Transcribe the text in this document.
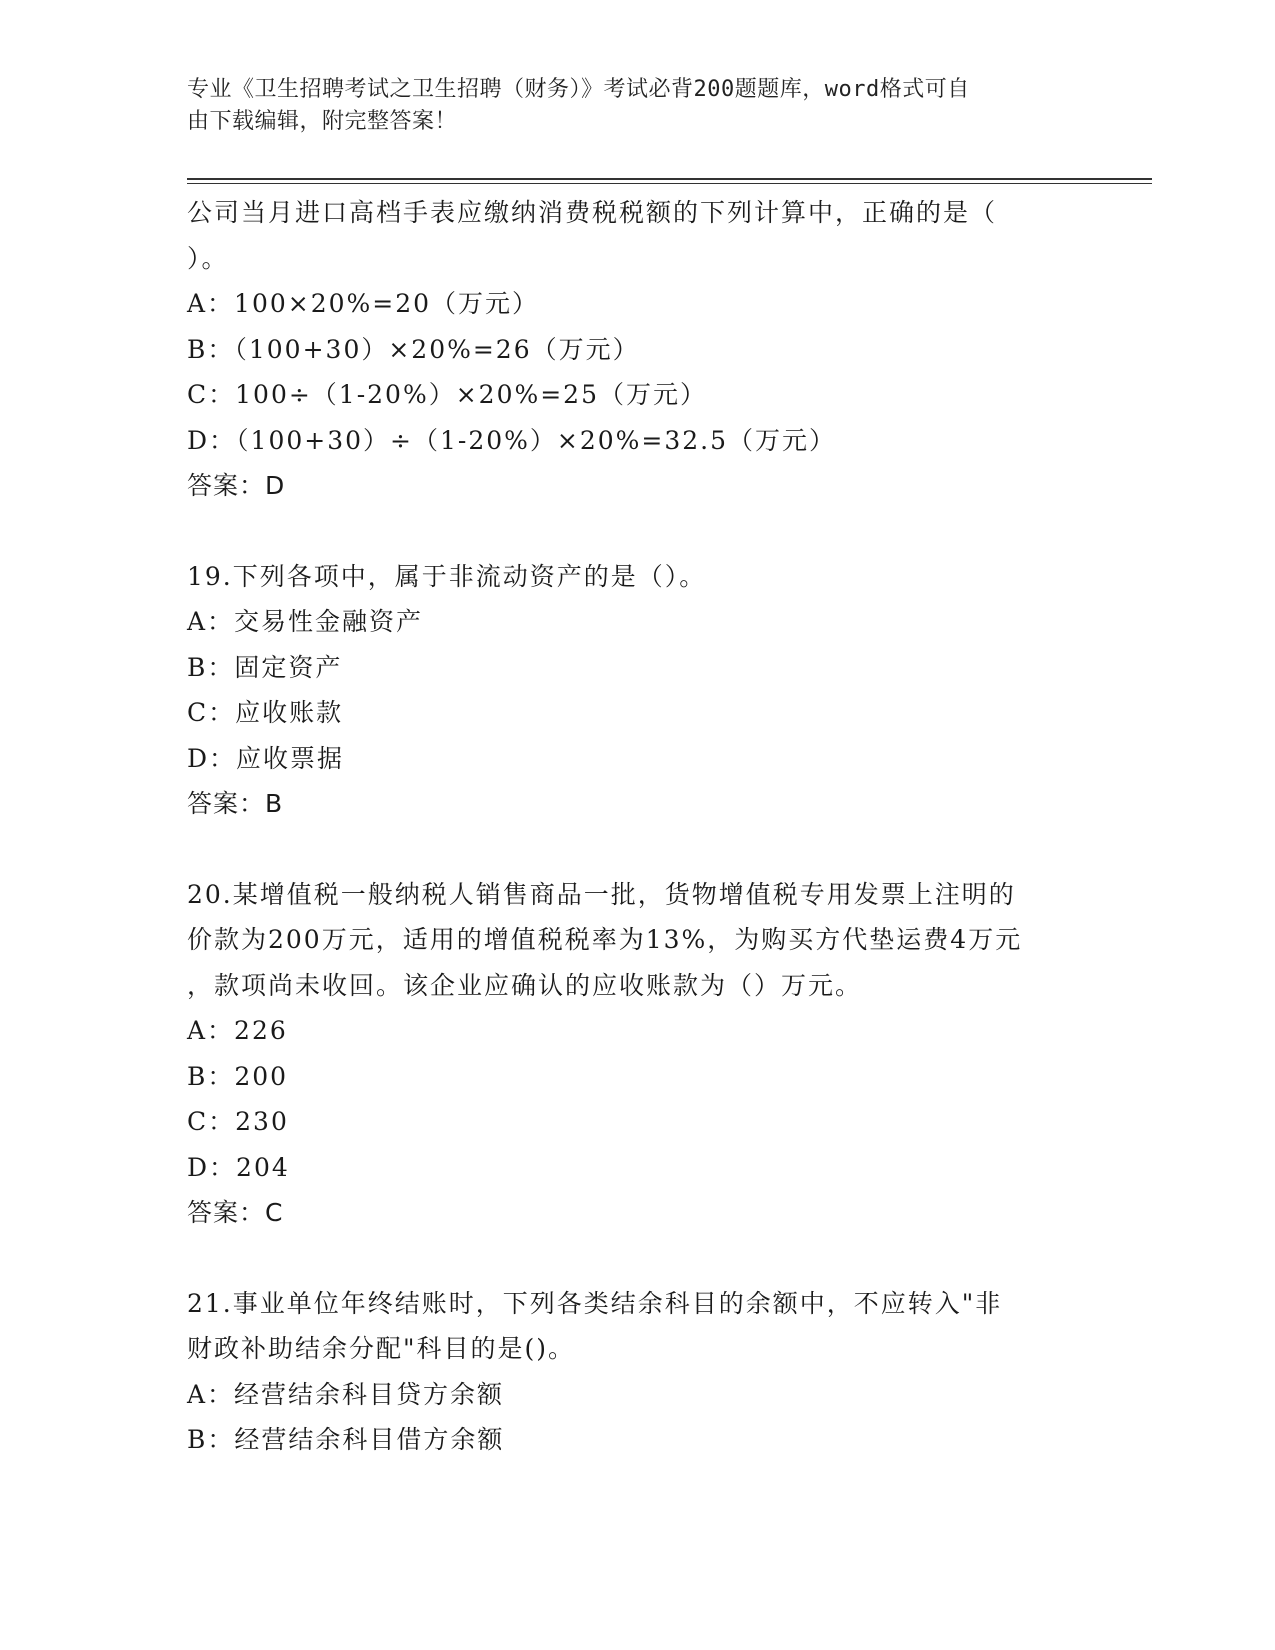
专业《卫生招聘考试之卫生招聘（财务）》考试必背200题题库，word格式可自
由下载编辑，附完整答案！
公司当月进口高档手表应缴纳消费税税额的下列计算中，正确的是（
）。
A：100×20%=20（万元）
B：（100+30）×20%=26（万元）
C：100÷（1-20%）×20%=25（万元）
D：（100+30）÷（1-20%）×20%=32.5（万元）
答案：D
19.下列各项中，属于非流动资产的是（）。
A：交易性金融资产
B：固定资产
C：应收账款
D：应收票据
答案：B
20.某增值税一般纳税人销售商品一批，货物增值税专用发票上注明的
价款为200万元，适用的增值税税率为13%，为购买方代垫运费4万元
，款项尚未收回。该企业应确认的应收账款为（）万元。
A：226
B：200
C：230
D：204
答案：C
21.事业单位年终结账时，下列各类结余科目的余额中，不应转入"非
财政补助结余分配"科目的是()。
A：经营结余科目贷方余额
B：经营结余科目借方余额
